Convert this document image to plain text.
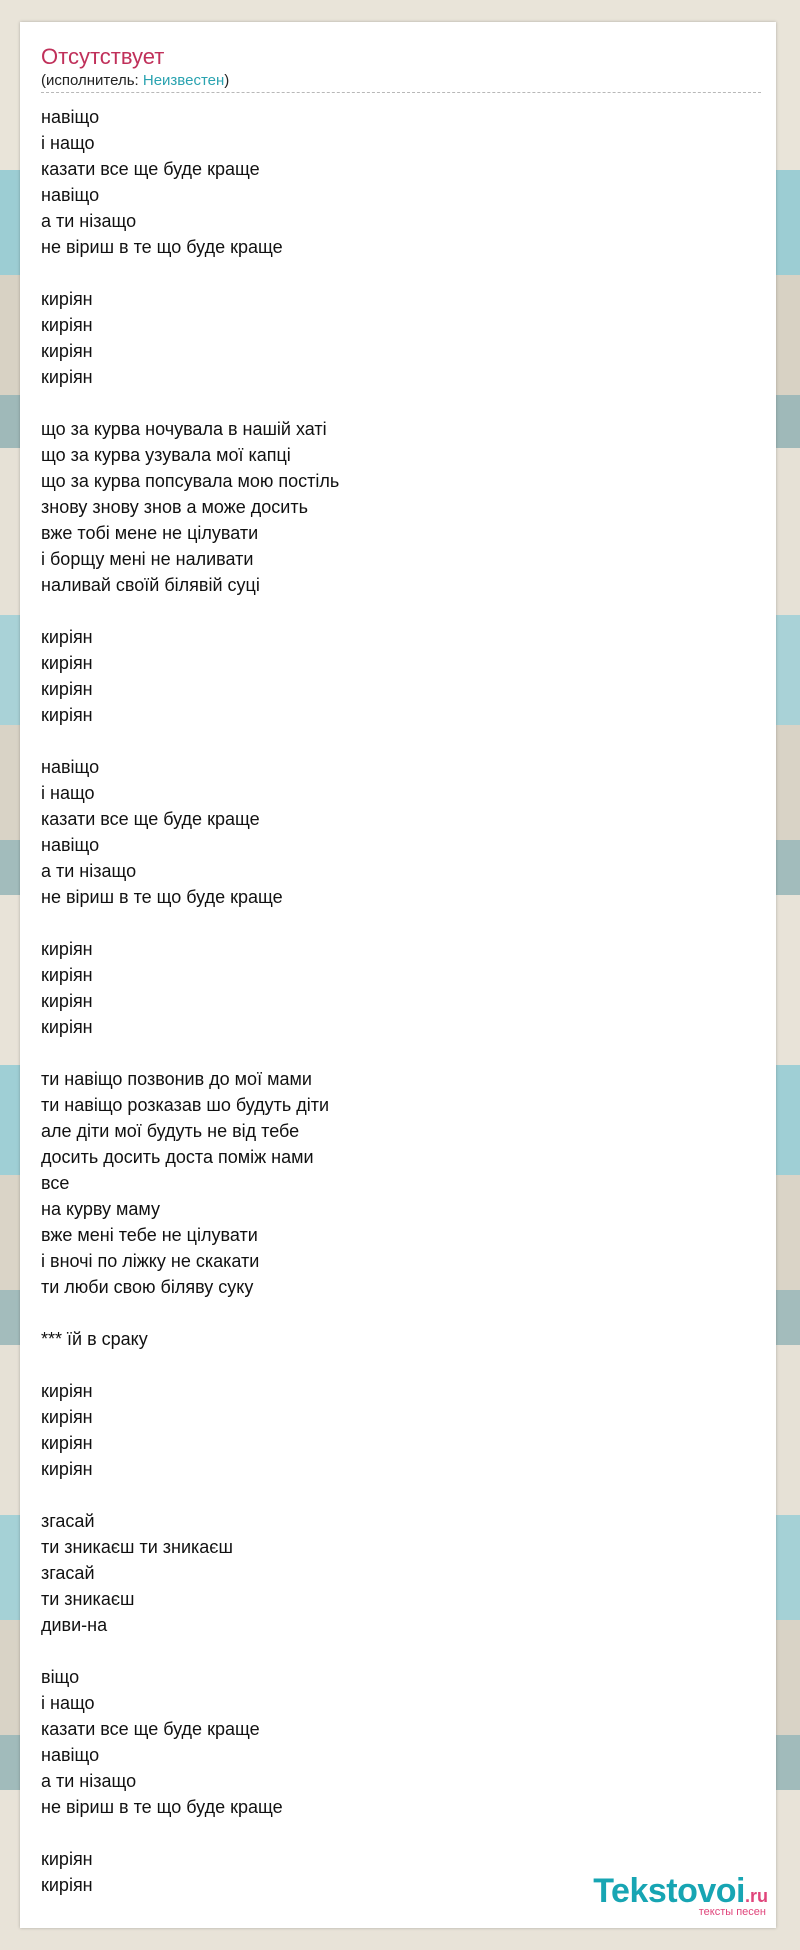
Отсутствует
(исполнитель: Неизвестен)
навіщо
і нащо
казати все ще буде краще
навіщо
а ти нізащо
не віриш в те що буде краще
киріян
киріян
киріян
киріян
що за курва ночувала в нашій хаті
що за курва узувала мої капці
що за курва попсувала мою постіль
знову знову знов а може досить
вже тобі мене не цілувати
і борщу мені не наливати
наливай своїй білявій суці
киріян
киріян
киріян
киріян
навіщо
і нащо
казати все ще буде краще
навіщо
а ти нізащо
не віриш в те що буде краще
киріян
киріян
киріян
киріян
ти навіщо позвонив до мої мами
ти навіщо розказав шо будуть діти
але діти мої будуть не від тебе
досить досить доста поміж нами
все
на курву маму
вже мені тебе не цілувати
і вночі по ліжку не скакати
ти люби свою біляву суку
*** їй в сраку
киріян
киріян
киріян
киріян
згасай
ти зникаєш ти зникаєш
згасай
ти зникаєш
диви-на
віщо
і нащо
казати все ще буде краще
навіщо
а ти нізащо
не віриш в те що буде краще
киріян
киріян	Tekstovoi.ru
тексты песен
